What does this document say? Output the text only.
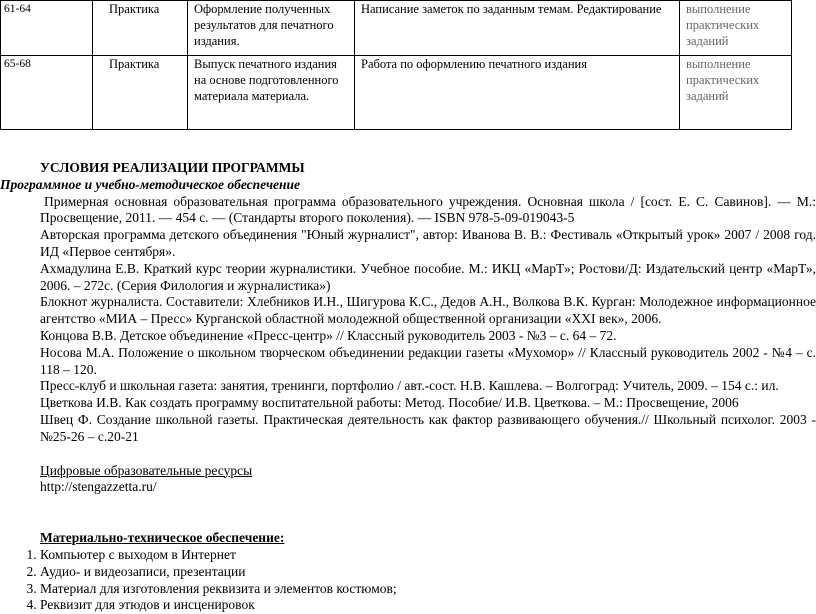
61-64	Практика	Оформление полученных результатов для печатного издания.	Написание заметок по заданным темам. Редактирование	выполнение практических заданий
65-68	Практика	Выпуск печатного издания на основе подготовленного материала материала.	Работа по оформлению печатного издания	выполнение практических заданий
УСЛОВИЯ РЕАЛИЗАЦИИ ПРОГРАММЫ
Программное и учебно-методическое обеспечение
Примерная основная образовательная программа образовательного учреждения. Основная школа / [сост. Е. С. Савинов]. — М.: Просвещение, 2011. — 454 с. — (Стандарты второго поколения). — ISBN 978-5-09-019043-5
Авторская программа детского объединения "Юный журналист", автор: Иванова В. В.: Фестиваль «Открытый урок» 2007 / 2008 год. ИД «Первое сентября».
Ахмадулина Е.В. Краткий курс теории журналистики. Учебное пособие. М.: ИКЦ «МарТ»; Ростови/Д: Издательский центр «МарТ», 2006. – 272с. (Серия Филология и журналистика»)
Блокнот журналиста. Составители: Хлебников И.Н., Шигурова К.С., Дедов А.Н., Волкова В.К. Курган: Молодежное информационное агентство «МИА – Пресс» Курганской областной молодежной общественной организации «XXI век», 2006.
Концова В.В. Детское объединение «Пресс-центр» // Классный руководитель 2003 - №3 – с. 64 – 72.
Носова М.А. Положение о школьном творческом объединении редакции газеты «Мухомор» // Классный руководитель 2002 - №4 – с. 118 – 120.
Пресс-клуб и школьная газета: занятия, тренинги, портфолио / авт.-сост. Н.В. Кашлева. – Волгоград: Учитель, 2009. – 154 с.: ил.
Цветкова И.В. Как создать программу воспитательной работы: Метод. Пособие/ И.В. Цветкова. – М.: Просвещение, 2006
Швец Ф. Создание школьной газеты. Практическая деятельность как фактор развивающего обучения.// Школьный психолог. 2003 - №25-26 – с.20-21
Цифровые образовательные ресурсы
http://stengazzetta.ru/
Материально-техническое обеспечение:
1. Компьютер с выходом в Интернет
2. Аудио- и видеозаписи, презентации
3. Материал для изготовления реквизита и элементов костюмов;
4. Реквизит для этюдов и инсценировок
